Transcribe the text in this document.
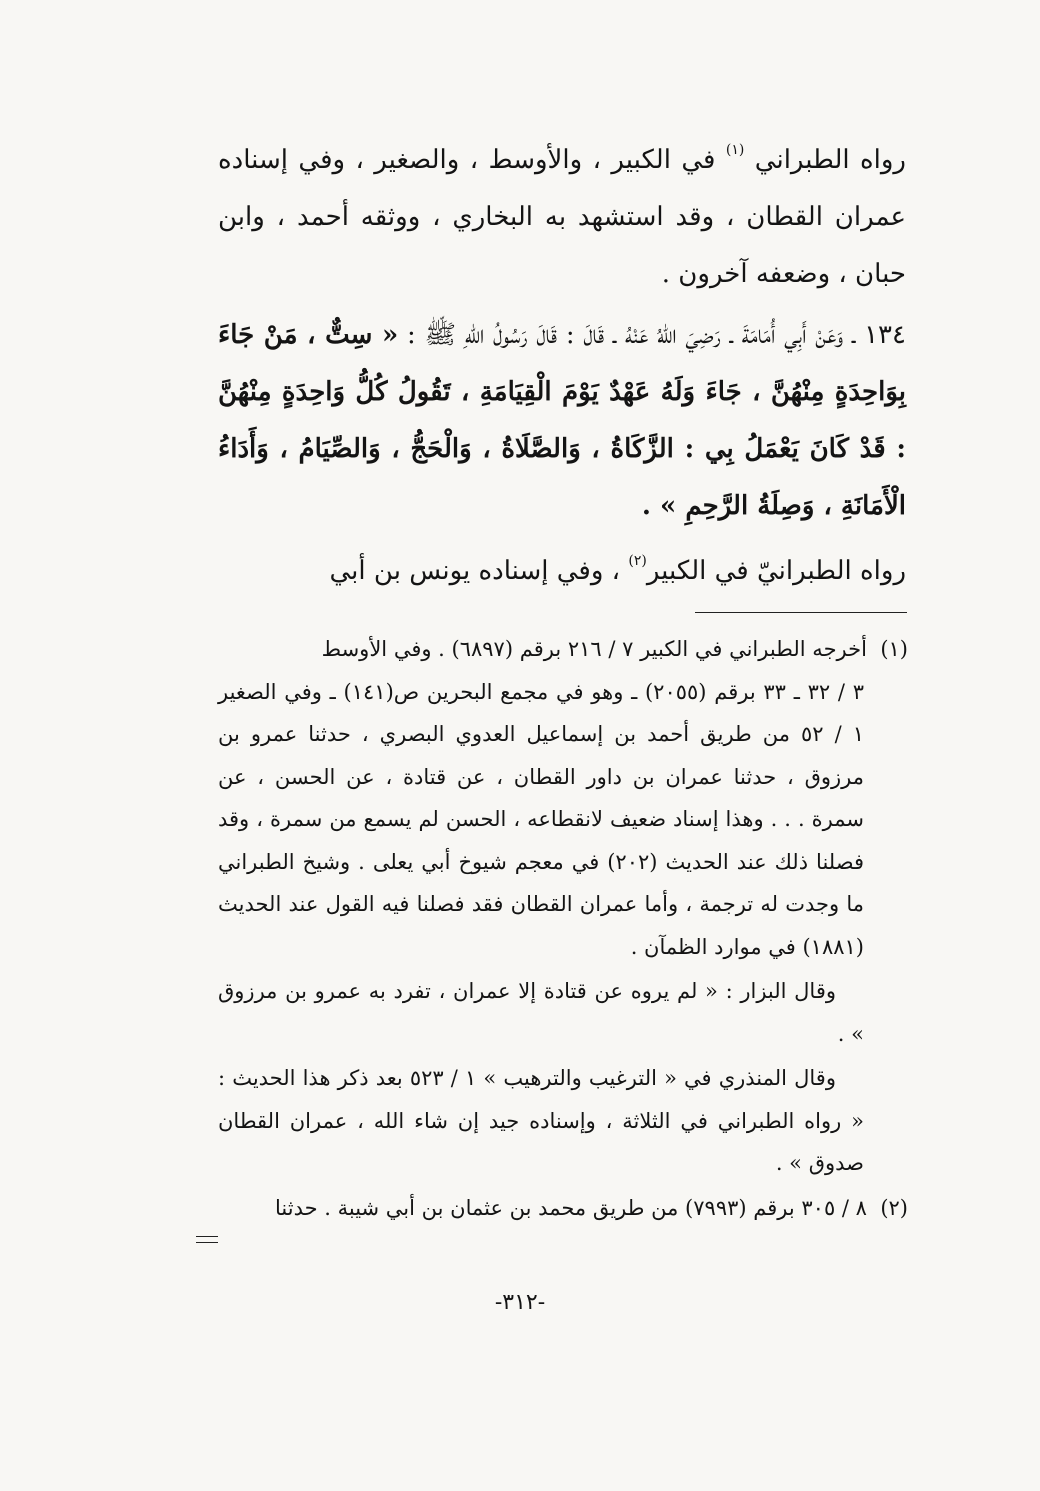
رواه الطبراني $^{(١)}$ في الكبير ، والأوسط ، والصغير ، وفي إسناده عمران القطان ، وقد استشهد به البخاري ، ووثقه أحمد ، وابن حبان ، وضعفه آخرون .

١٣٤ ـ وَعَنْ أَبِي أُمَامَةَ ـ رَضِيَ اللهُ عَنْهُ ـ قَالَ : قَالَ رَسُولُ اللهِ ﷺ : « سِتٌّ ، مَنْ جَاءَ بِوَاحِدَةٍ مِنْهُنَّ ، جَاءَ وَلَهُ عَهْدٌ يَوْمَ الْقِيَامَةِ ، تَقُولُ كُلُّ وَاحِدَةٍ مِنْهُنَّ : قَدْ كَانَ يَعْمَلُ بِي : الزَّكَاةُ ، وَالصَّلَاةُ ، وَالْحَجُّ ، وَالصِّيَامُ ، وَأَدَاءُ الْأَمَانَةِ ، وَصِلَةُ الرَّحِمِ » .

رواه الطبرانيّ في الكبير$^{(٢)}$ ، وفي إسناده يونس بن أبي

(١)  أخرجه الطبراني في الكبير ٧ / ٢١٦ برقم (٦٨٩٧) . وفي الأوسط

٣ / ٣٢ ـ ٣٣ برقم (٢٠٥٥) ـ وهو في مجمع البحرين ص(١٤١) ـ وفي الصغير ١ / ٥٢ من طريق أحمد بن إسماعيل العدوي البصري ، حدثنا عمرو بن مرزوق ، حدثنا عمران بن داور القطان ، عن قتادة ، عن الحسن ، عن سمرة . . . وهذا إسناد ضعيف لانقطاعه ، الحسن لم يسمع من سمرة ، وقد فصلنا ذلك عند الحديث (٢٠٢) في معجم شيوخ أبي يعلى . وشيخ الطبراني ما وجدت له ترجمة ، وأما عمران القطان فقد فصلنا فيه القول عند الحديث (١٨٨١) في موارد الظمآن .

وقال البزار : « لم يروه عن قتادة إلا عمران ، تفرد به عمرو بن مرزوق » .

وقال المنذري في « الترغيب والترهيب » ١ / ٥٢٣ بعد ذكر هذا الحديث : « رواه الطبراني في الثلاثة ، وإسناده جيد إن شاء الله ، عمران القطان صدوق » .

(٢)  ٨ / ٣٠٥ برقم (٧٩٩٣) من طريق محمد بن عثمان بن أبي شيبة . حدثنا

-٣١٢-
